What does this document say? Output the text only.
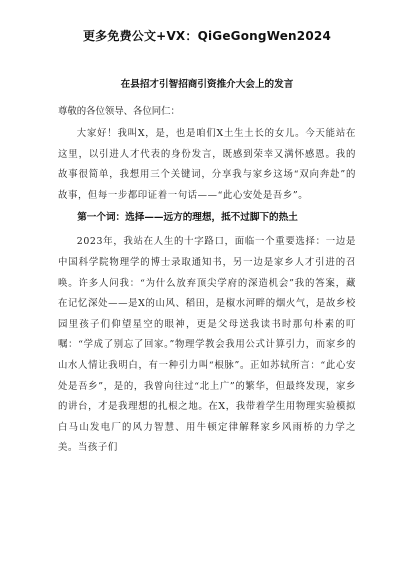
更多免费公文+VX：QiGeGongWen2024
在县招才引智招商引资推介大会上的发言
尊敬的各位领导、各位同仁：

大家好！我叫X，是，也是咱们X土生土长的女儿。今天能站在这里，以引进人才代表的身份发言，既感到荣幸又满怀感恩。我的故事很简单，我想用三个关键词，分享我与家乡这场“双向奔赴”的故事，但每一步都印证着一句话——“此心安处是吾乡”。

第一个词：选择——远方的理想，抵不过脚下的热土

2023年，我站在人生的十字路口，面临一个重要选择：一边是中国科学院物理学的博士录取通知书，另一边是家乡人才引进的召唤。许多人问我：“为什么放弃顶尖学府的深造机会”我的答案，藏在记忆深处——是X的山风、稻田，是椒水河畔的烟火气，是故乡校园里孩子们仰望星空的眼神，更是父母送我读书时那句朴素的叮嘱：“学成了别忘了回家。”物理学教会我用公式计算引力，而家乡的山水人情让我明白，有一种引力叫“根脉”。正如苏轼所言：“此心安处是吾乡”，是的，我曾向往过“北上广”的繁华，但最终发现，家乡的讲台，才是我理想的扎根之地。在X，我带着学生用物理实验模拟白马山发电厂的风力智慧、用牛顿定律解释家乡风雨桥的力学之美。当孩子们
